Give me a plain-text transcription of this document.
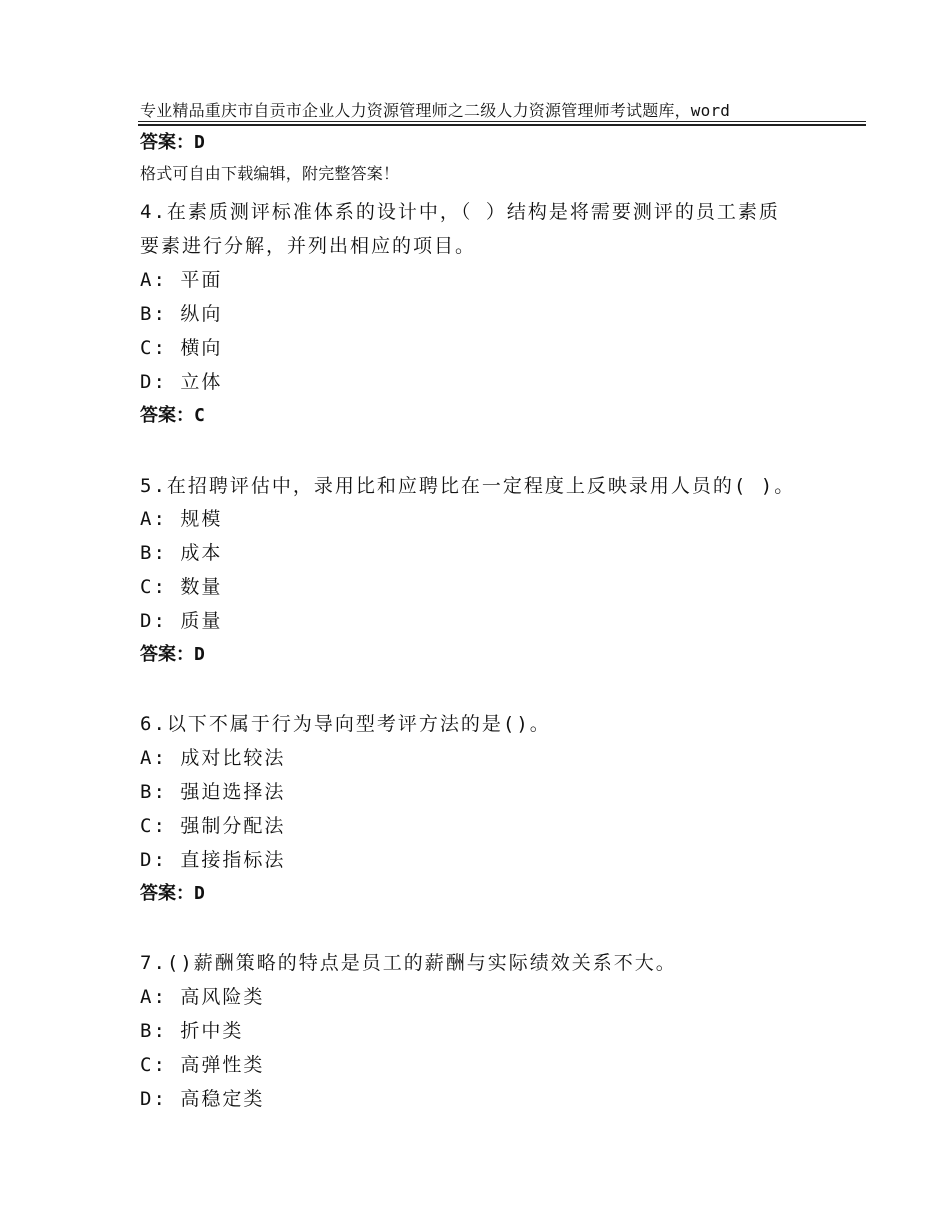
专业精品重庆市自贡市企业人力资源管理师之二级人力资源管理师考试题库，word

格式可自由下载编辑，附完整答案！

答案：D
4.在素质测评标准体系的设计中，（ ）结构是将需要测评的员工素质
要素进行分解，并列出相应的项目。
A: 平面
B: 纵向
C: 横向
D: 立体
答案：C
5.在招聘评估中，录用比和应聘比在一定程度上反映录用人员的( )。
A: 规模
B: 成本
C: 数量
D: 质量
答案：D
6.以下不属于行为导向型考评方法的是()。
A: 成对比较法
B: 强迫选择法
C: 强制分配法
D: 直接指标法
答案：D
7.()薪酬策略的特点是员工的薪酬与实际绩效关系不大。
A: 高风险类
B: 折中类
C: 高弹性类
D: 高稳定类
